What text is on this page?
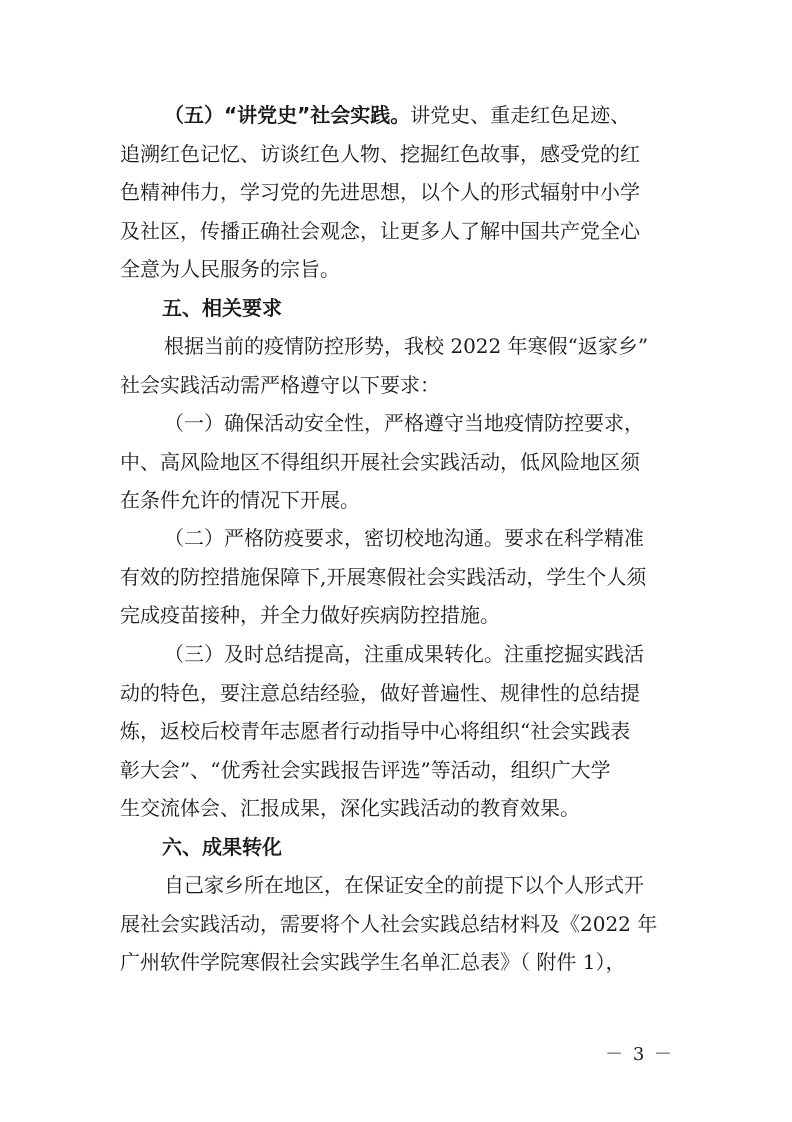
（五）“讲党史”社会实践。讲党史、重走红色足迹、
追溯红色记忆、访谈红色人物、挖掘红色故事，感受党的红
色精神伟力，学习党的先进思想，以个人的形式辐射中小学
及社区，传播正确社会观念，让更多人了解中国共产党全心
全意为人民服务的宗旨。
五、相关要求
根据当前的疫情防控形势，我校 2022 年寒假“返家乡”
社会实践活动需严格遵守以下要求：
（一）确保活动安全性，严格遵守当地疫情防控要求，
中、高风险地区不得组织开展社会实践活动，低风险地区须
在条件允许的情况下开展。
（二）严格防疫要求，密切校地沟通。要求在科学精准
有效的防控措施保障下,开展寒假社会实践活动，学生个人须
完成疫苗接种，并全力做好疾病防控措施。
（三）及时总结提高，注重成果转化。注重挖掘实践活
动的特色，要注意总结经验，做好普遍性、规律性的总结提
炼，返校后校青年志愿者行动指导中心将组织“社会实践表
彰大会”、“优秀社会实践报告评选”等活动，组织广大学
生交流体会、汇报成果，深化实践活动的教育效果。
六、成果转化
自己家乡所在地区，在保证安全的前提下以个人形式开
展社会实践活动，需要将个人社会实践总结材料及《2022 年
广州软件学院寒假社会实践学生名单汇总表》（ 附件 1），
－ 3 －
